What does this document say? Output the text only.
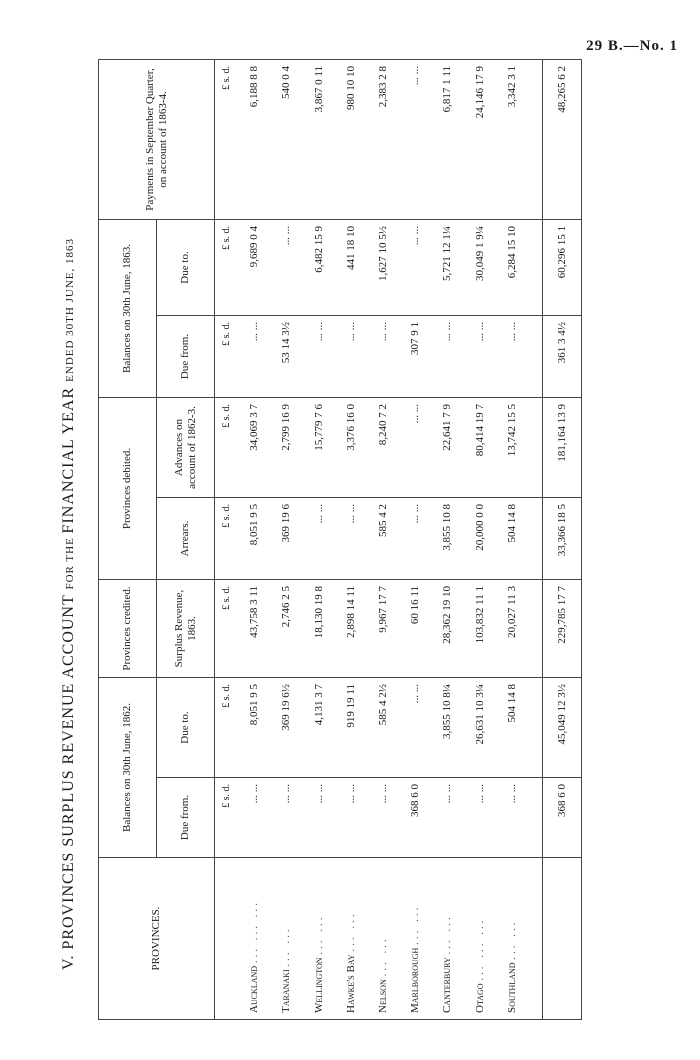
29 B.—No. 1
V. PROVINCES SURPLUS REVENUE ACCOUNT FOR THE FINANCIAL YEAR ENDED 30TH JUNE, 1863
PROVINCES.	Balances on 30th June, 1862.		Provinces credited.	Provinces debited.		Balances on 30th June, 1863.		Payments in September Quarter, on account of 1863-4.
	Due from.	Due to.	Surplus Revenue, 1863.	Arrears.	Advances on account of 1862-3.	Due from.	Due to.	
	£ s. d.	£ s. d.	£ s. d.	£ s. d.	£ s. d.	£ s. d.	£ s. d.	£ s. d.
Auckland ... ... ...	... ...	8,051 9 5	43,758 3 11	8,051 9 5	34,069 3 7	... ...	9,689 0 4	6,188 8 8
Taranaki ... ...	... ...	369 19 6½	2,746 2 5	369 19 6	2,799 16 9	53 14 3½	... ...	540 0 4
Wellington ... ...	... ...	4,131 3 7	18,130 19 8	... ...	15,779 7 6	... ...	6,482 15 9	3,867 0 11
Hawke's Bay ... ...	... ...	919 19 11	2,898 14 11	... ...	3,376 16 0	... ...	441 18 10	980 10 10
Nelson ... ...	... ...	585 4 2½	9,967 17 7	585 4 2	8,240 7 2	... ...	1,627 10 5½	2,383 2 8
Marlborough ... ...	368 6 0	... ...	60 16 11	... ...	... ...	307 9 1	... ...	... ...
Canterbury ... ...	... ...	3,855 10 8¼	28,362 19 10	3,855 10 8	22,641 7 9	... ...	5,721 12 1¼	6,817 1 11
Otago ... ... ...	... ...	26,631 10 3¼	103,832 11 1	20,000 0 0	80,414 19 7	... ...	30,049 1 9¼	24,146 17 9
Southland ... ...	... ...	504 14 8	20,027 11 3	504 14 8	13,742 15 5	... ...	6,284 15 10	3,342 3 1

	368 6 0	45,049 12 3½	229,785 17 7	33,366 18 5	181,164 13 9	361 3 4½	60,296 15 1	48,265 6 2
